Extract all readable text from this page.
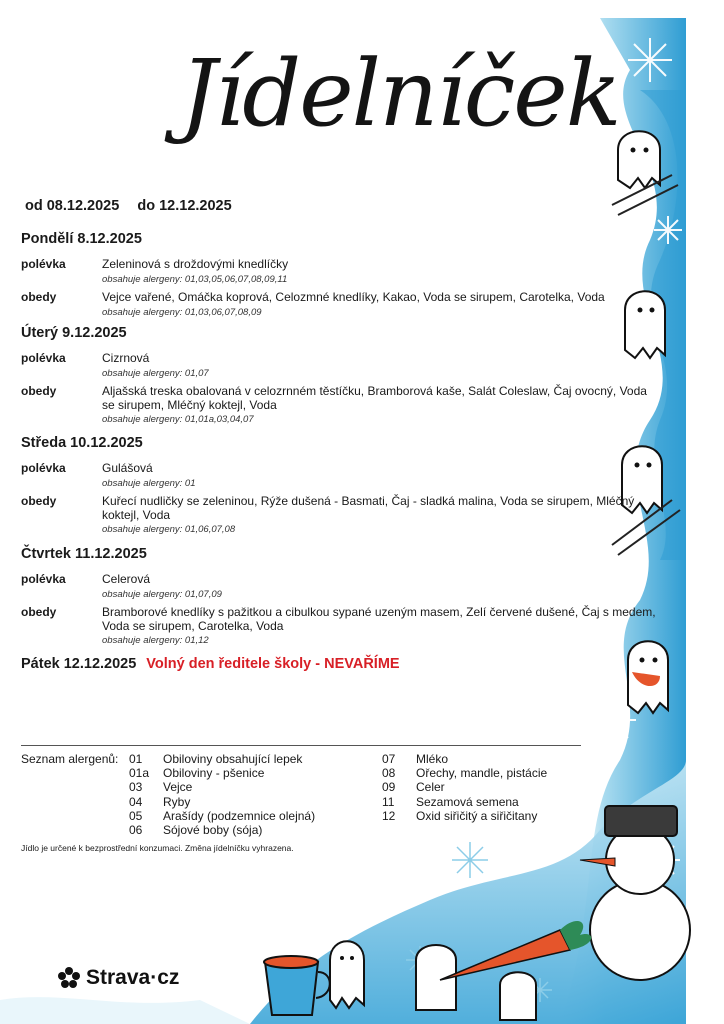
Jídelníček
od 08.12.2025 do 12.12.2025
Pondělí 8.12.2025
polévka	Zeleninová s droždovými knedlíčky
obsahuje alergeny: 01,03,05,06,07,08,09,11
obedy	Vejce vařené, Omáčka koprová, Celozmné knedlíky, Kakao, Voda se sirupem, Carotelka, Voda
obsahuje alergeny: 01,03,06,07,08,09
Úterý 9.12.2025
polévka	Cizrnová
obsahuje alergeny: 01,07
obedy	Aljašská treska obalovaná v celozrnném těstíčku, Bramborová kaše, Salát Coleslaw, Čaj ovocný, Voda se sirupem, Mléčný koktejl, Voda
obsahuje alergeny: 01,01a,03,04,07
Středa 10.12.2025
polévka	Gulášová
obsahuje alergeny: 01
obedy	Kuřecí nudličky se zeleninou, Rýže dušená - Basmati, Čaj - sladká malina, Voda se sirupem, Mléčný koktejl, Voda
obsahuje alergeny: 01,06,07,08
Čtvrtek 11.12.2025
polévka	Celerová
obsahuje alergeny: 01,07,09
obedy	Bramborové knedlíky s pažitkou a cibulkou sypané uzeným masem, Zelí červené dušené, Čaj s medem, Voda se sirupem, Carotelka, Voda
obsahuje alergeny: 01,12
Pátek 12.12.2025 Volný den ředitele školy - NEVAŘÍME
Seznam alergenů: 01	Obiloviny obsahující lepek
01a	Obiloviny - pšenice
03	Vejce
04	Ryby
05	Arašídy (podzemnice olejná)
06	Sójové boby (sója)
07	Mléko
08	Ořechy, mandle, pistácie
09	Celer
11	Sezamová semena
12	Oxid siřičitý a siřičitany
Jídlo je určené k bezprostřední konzumaci. Změna jídelníčku vyhrazena.
Strava·cz
